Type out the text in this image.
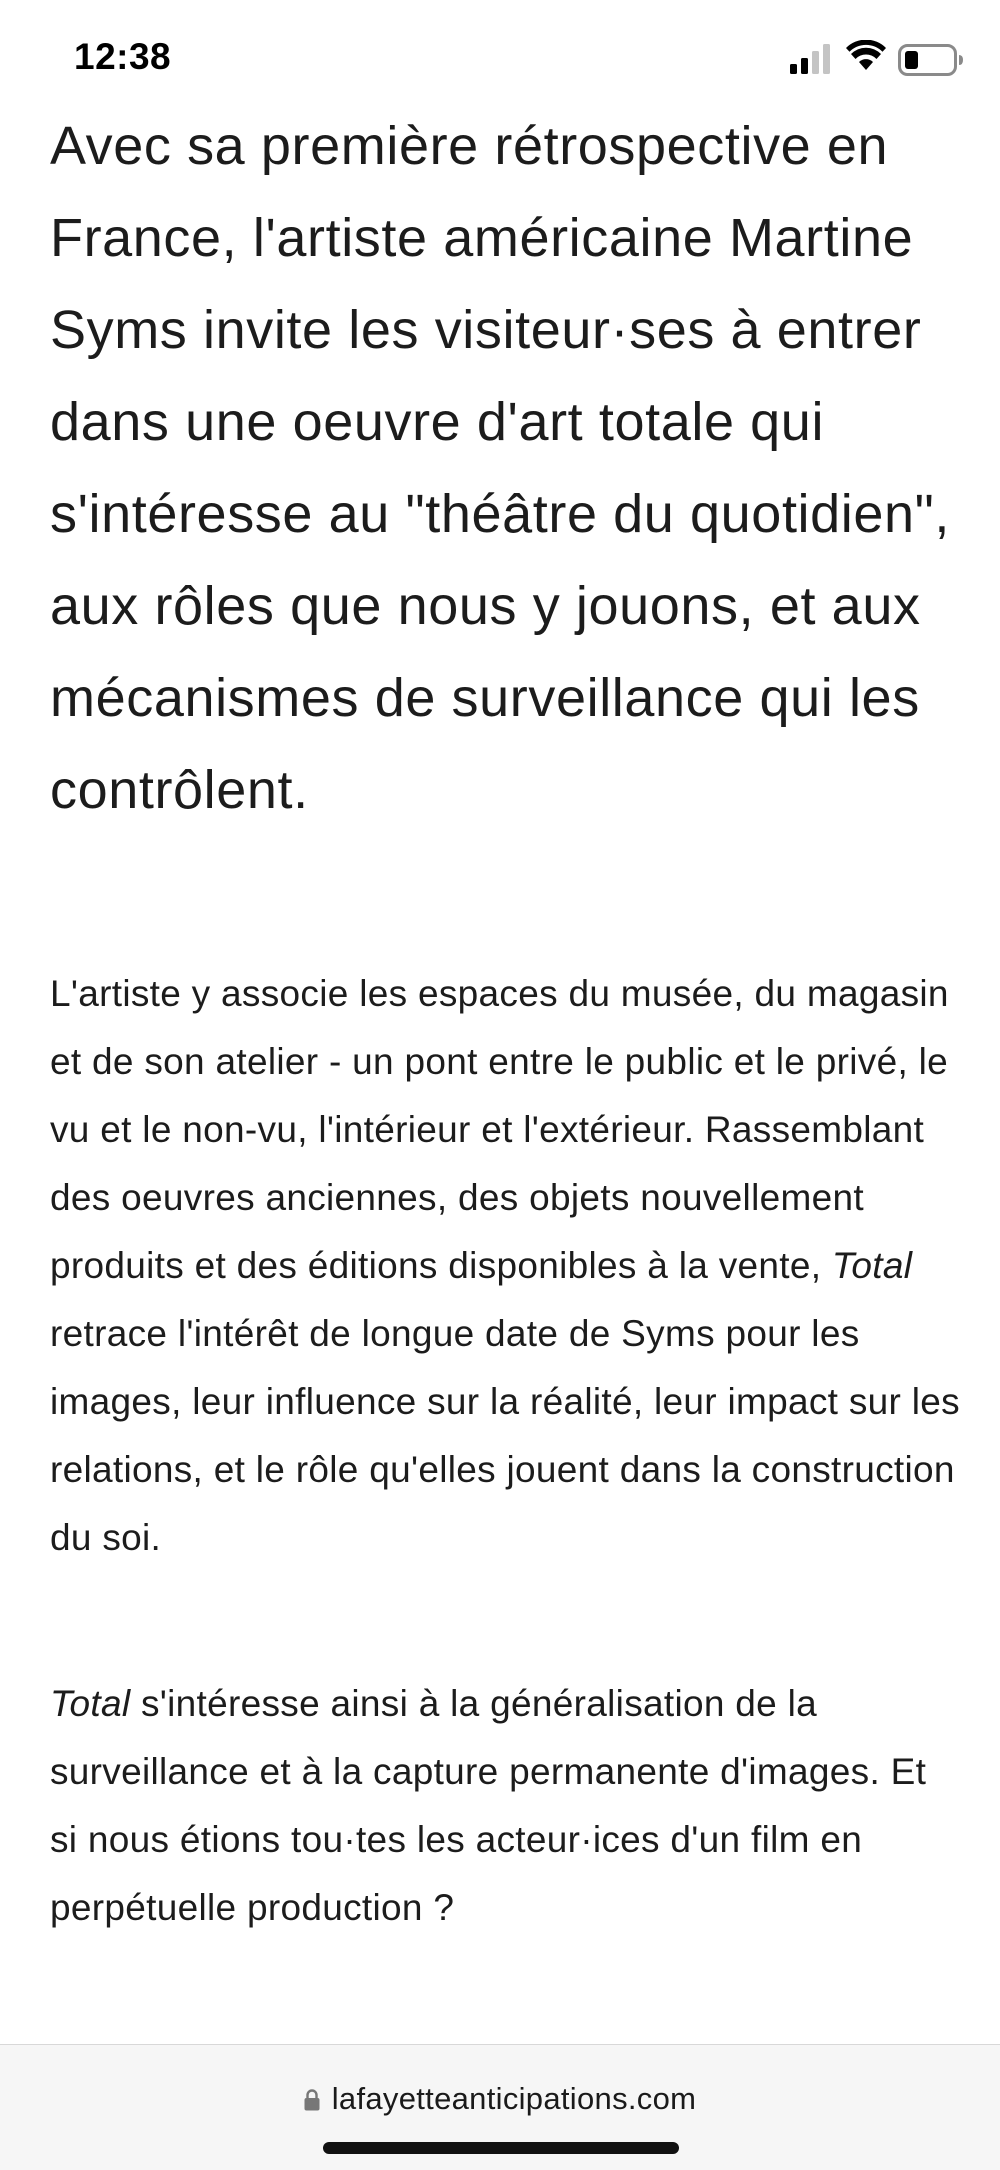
12:38

Avec sa première rétrospective en France, l'artiste américaine Martine Syms invite les visiteur·ses à entrer dans une oeuvre d'art totale qui s'intéresse au "théâtre du quotidien", aux rôles que nous y jouons, et aux mécanismes de surveillance qui les contrôlent.

L'artiste y associe les espaces du musée, du magasin et de son atelier - un pont entre le public et le privé, le vu et le non-vu, l'intérieur et l'extérieur. Rassemblant des oeuvres anciennes, des objets nouvellement produits et des éditions disponibles à la vente, Total retrace l'intérêt de longue date de Syms pour les images, leur influence sur la réalité, leur impact sur les relations, et le rôle qu'elles jouent dans la construction du soi.

Total s'intéresse ainsi à la généralisation de la surveillance et à la capture permanente d'images. Et si nous étions tou·tes les acteur·ices d'un film en perpétuelle production ?

lafayetteanticipations.com
